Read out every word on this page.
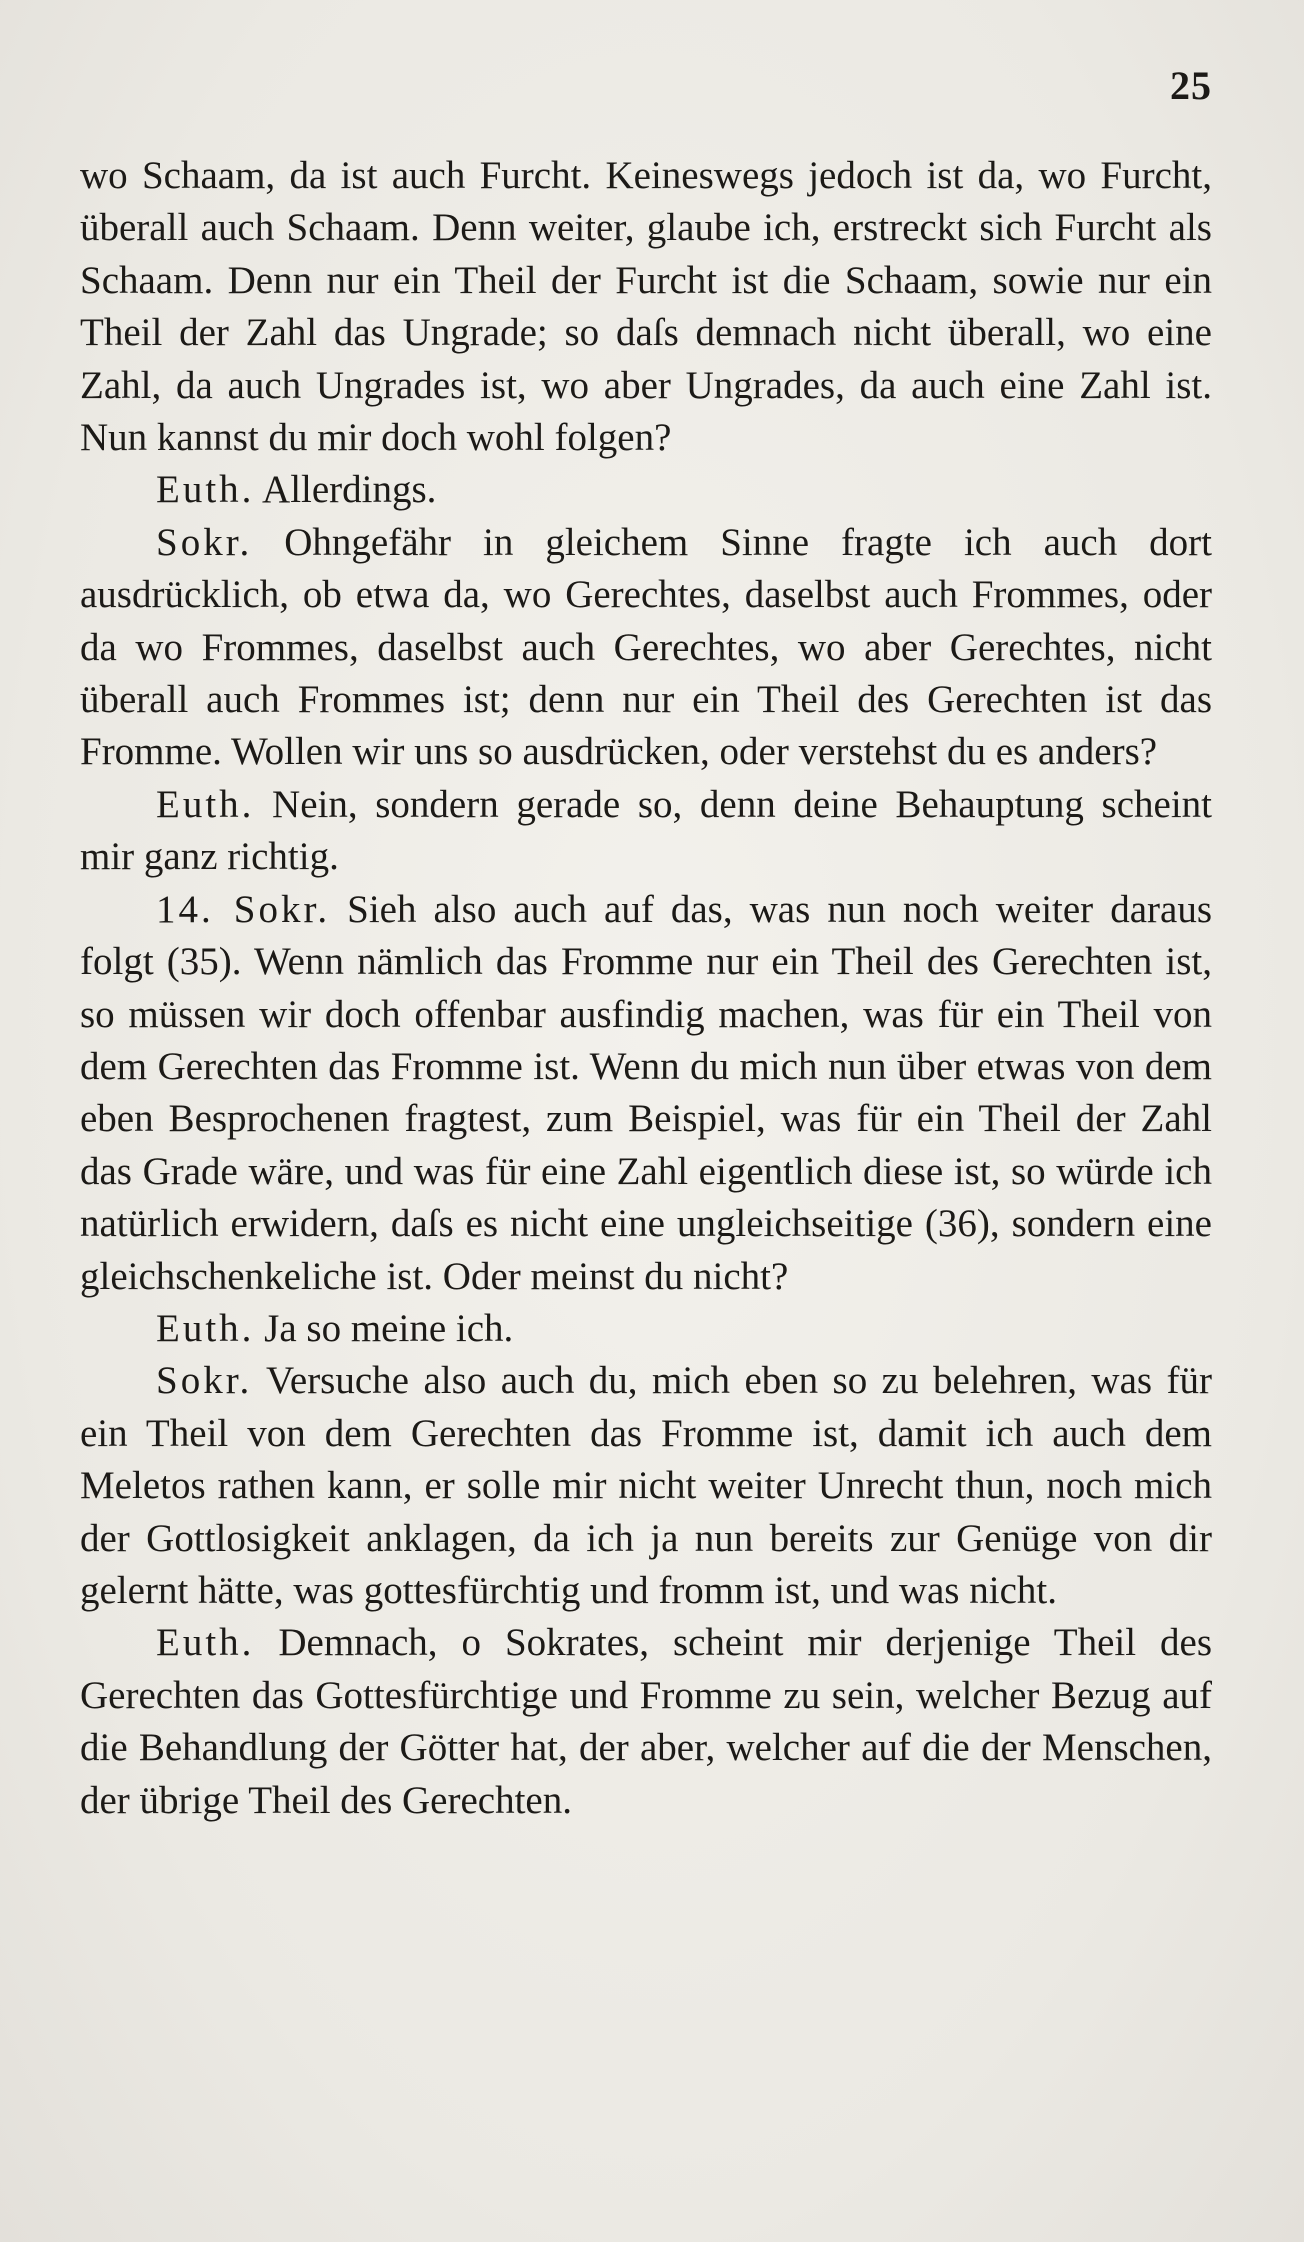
25

wo Schaam, da ist auch Furcht. Keineswegs jedoch ist da, wo Furcht, überall auch Schaam. Denn weiter, glaube ich, erstreckt sich Furcht als Schaam. Denn nur ein Theil der Furcht ist die Schaam, sowie nur ein Theil der Zahl das Ungrade; so daſs demnach nicht überall, wo eine Zahl, da auch Ungrades ist, wo aber Ungrades, da auch eine Zahl ist. Nun kannst du mir doch wohl folgen?

Euth. Allerdings.

Sokr. Ohngefähr in gleichem Sinne fragte ich auch dort ausdrücklich, ob etwa da, wo Gerechtes, daselbst auch Frommes, oder da wo Frommes, daselbst auch Gerechtes, wo aber Gerechtes, nicht überall auch Frommes ist; denn nur ein Theil des Gerechten ist das Fromme. Wollen wir uns so ausdrücken, oder verstehst du es anders?

Euth. Nein, sondern gerade so, denn deine Behauptung scheint mir ganz richtig.

14. Sokr. Sieh also auch auf das, was nun noch weiter daraus folgt (35). Wenn nämlich das Fromme nur ein Theil des Gerechten ist, so müssen wir doch offenbar ausfindig machen, was für ein Theil von dem Gerechten das Fromme ist. Wenn du mich nun über etwas von dem eben Besprochenen fragtest, zum Beispiel, was für ein Theil der Zahl das Grade wäre, und was für eine Zahl eigentlich diese ist, so würde ich natürlich erwidern, daſs es nicht eine ungleichseitige (36), sondern eine gleichschenkeliche ist. Oder meinst du nicht?

Euth. Ja so meine ich.

Sokr. Versuche also auch du, mich eben so zu belehren, was für ein Theil von dem Gerechten das Fromme ist, damit ich auch dem Meletos rathen kann, er solle mir nicht weiter Unrecht thun, noch mich der Gottlosigkeit anklagen, da ich ja nun bereits zur Genüge von dir gelernt hätte, was gottesfürchtig und fromm ist, und was nicht.

Euth. Demnach, o Sokrates, scheint mir derjenige Theil des Gerechten das Gottesfürchtige und Fromme zu sein, welcher Bezug auf die Behandlung der Götter hat, der aber, welcher auf die der Menschen, der übrige Theil des Gerechten.
